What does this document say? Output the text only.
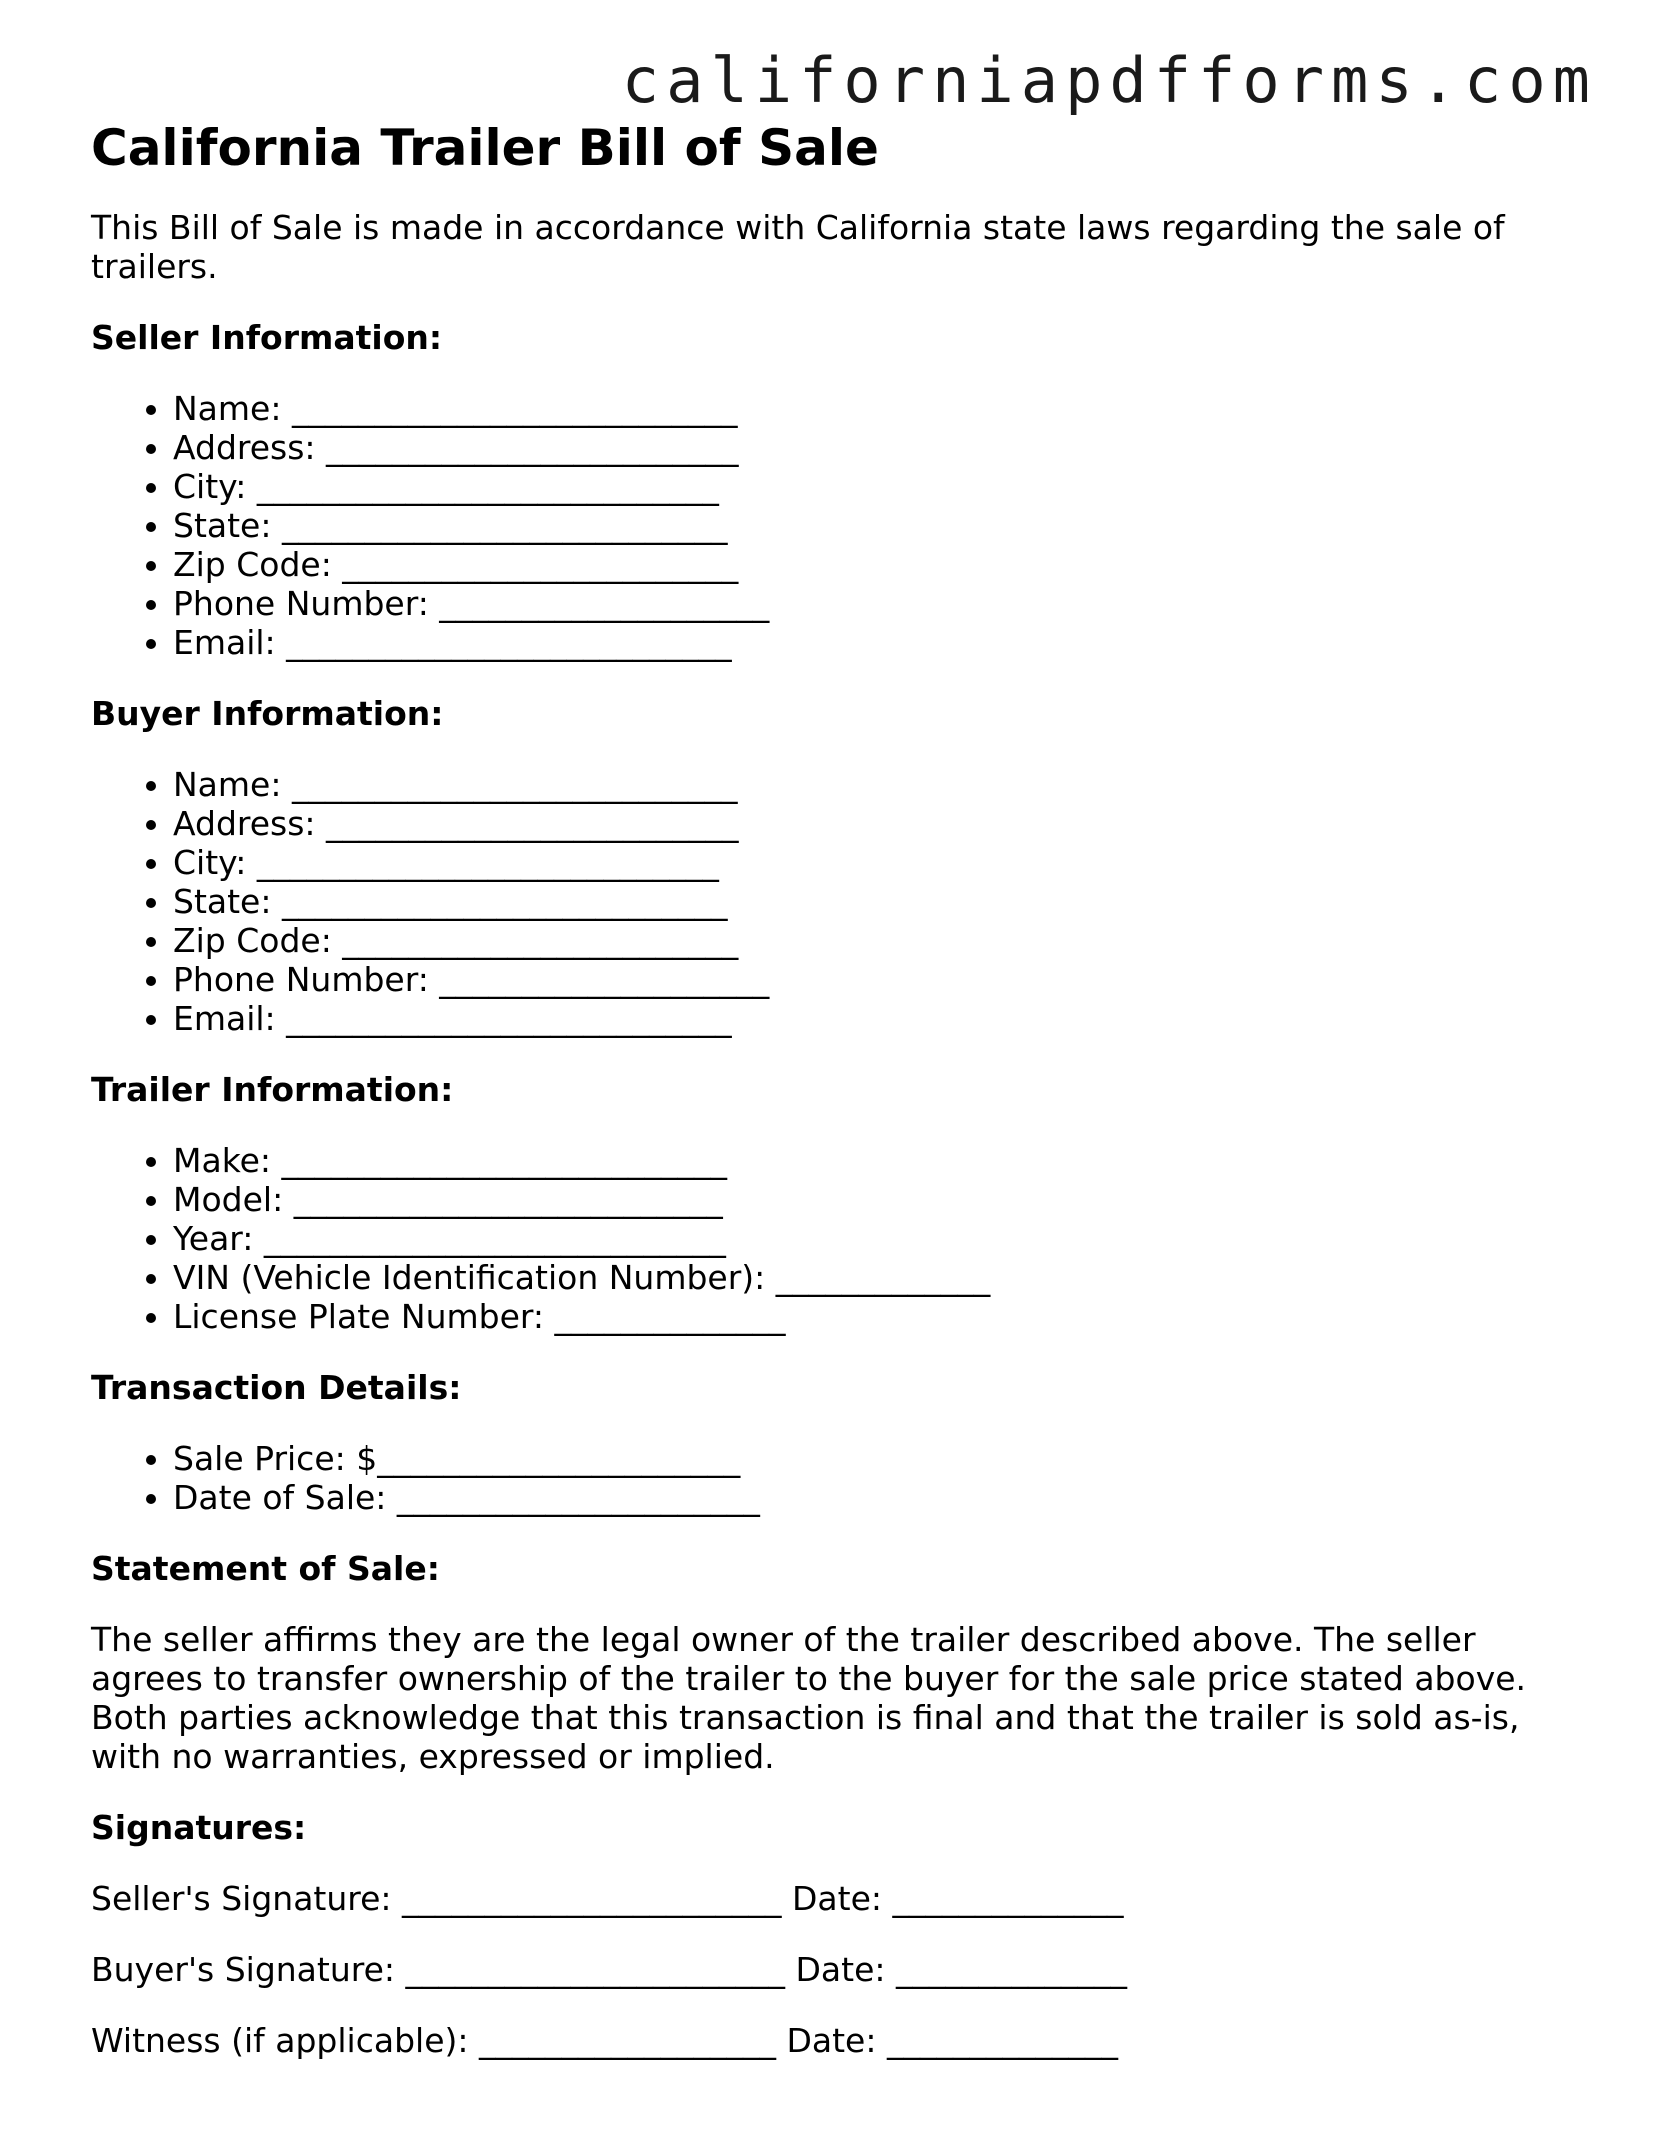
californiapdfforms.com
California Trailer Bill of Sale

This Bill of Sale is made in accordance with California state laws regarding the sale of trailers.

Seller Information:
• Name: ___________________________
• Address: _________________________
• City: ____________________________
• State: ___________________________
• Zip Code: ________________________
• Phone Number: ____________________
• Email: ___________________________
Buyer Information:
• Name: ___________________________
• Address: _________________________
• City: ____________________________
• State: ___________________________
• Zip Code: ________________________
• Phone Number: ____________________
• Email: ___________________________
Trailer Information:
• Make: ___________________________
• Model: __________________________
• Year: ____________________________
• VIN (Vehicle Identification Number): _____________
• License Plate Number: ______________
Transaction Details:
• Sale Price: $______________________
• Date of Sale: ______________________
Statement of Sale:

The seller affirms they are the legal owner of the trailer described above. The seller agrees to transfer ownership of the trailer to the buyer for the sale price stated above. Both parties acknowledge that this transaction is final and that the trailer is sold as-is, with no warranties, expressed or implied.

Signatures:
Seller's Signature: _______________________ Date: ______________
Buyer's Signature: _______________________ Date: ______________
Witness (if applicable): __________________ Date: ______________
